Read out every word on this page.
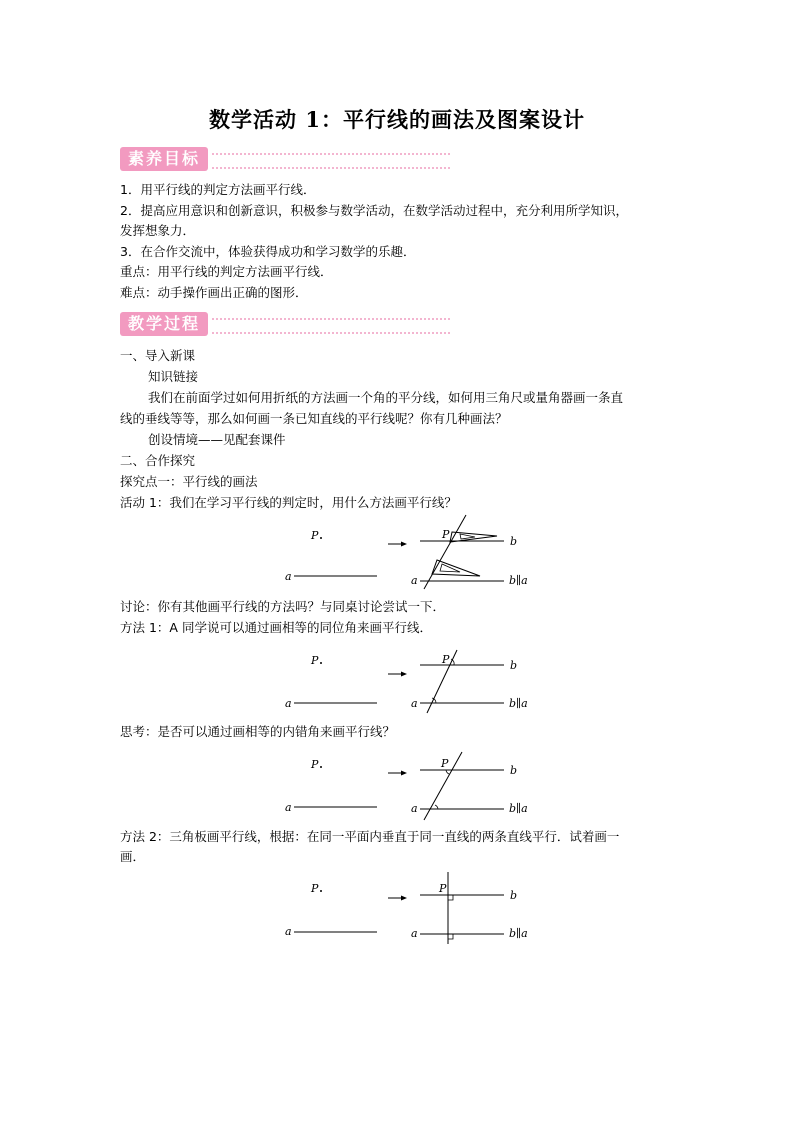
数学活动 1：平行线的画法及图案设计
素养目标
1．用平行线的判定方法画平行线．
2．提高应用意识和创新意识，积极参与数学活动，在数学活动过程中，充分利用所学知识，
发挥想象力．
3．在合作交流中，体验获得成功和学习数学的乐趣．
重点：用平行线的判定方法画平行线．
难点：动手操作画出正确的图形．
教学过程
一、导入新课
知识链接
我们在前面学过如何用折纸的方法画一个角的平分线，如何用三角尺或量角器画一条直
线的垂线等等，那么如何画一条已知直线的平行线呢？你有几种画法？
创设情境——见配套课件
二、合作探究
探究点一：平行线的画法
活动 1：我们在学习平行线的判定时，用什么方法画平行线？
P
a
b
P
a	b∥a
讨论：你有其他画平行线的方法吗？与同桌讨论尝试一下．
方法 1：A 同学说可以通过画相等的同位角来画平行线．
P
a
b
P
a	b∥a
思考：是否可以通过画相等的内错角来画平行线？
P
a
b
P
a	b∥a
方法 2：三角板画平行线，根据：在同一平面内垂直于同一直线的两条直线平行．试着画一
画．
P
a
b
P
a	b∥a
